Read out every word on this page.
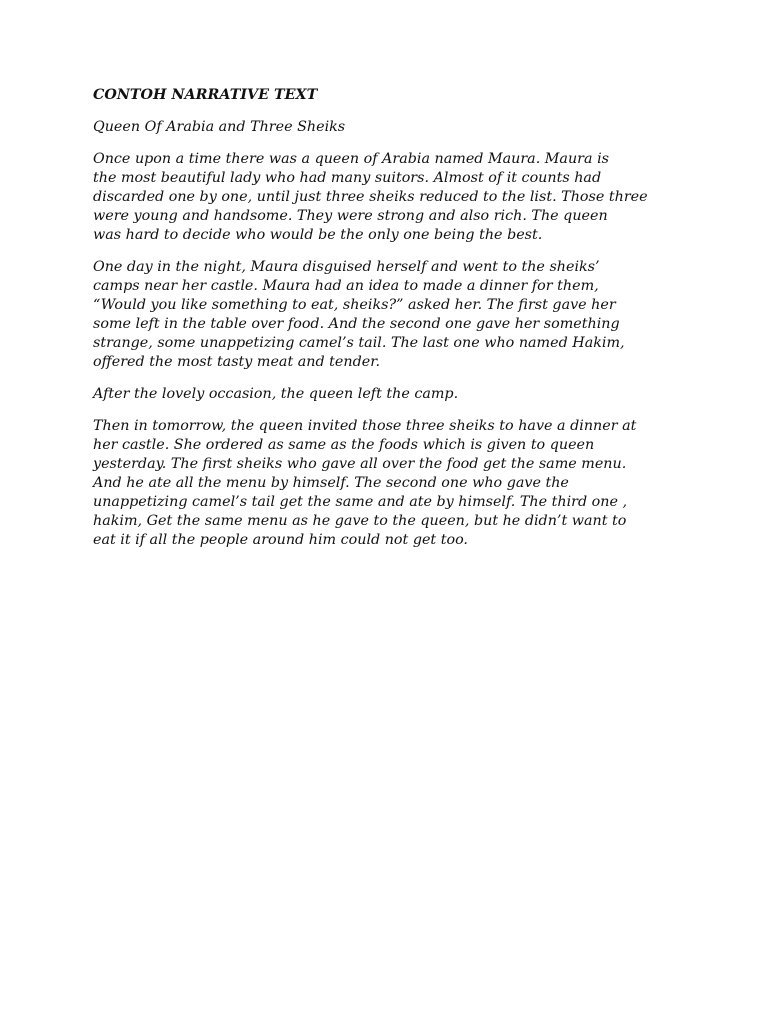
CONTOH NARRATIVE TEXT
Queen Of Arabia and Three Sheiks
Once upon a time there was a queen of Arabia named Maura. Maura is
the most beautiful lady who had many suitors. Almost of it counts had
discarded one by one, until just three sheiks reduced to the list. Those three
were young and handsome. They were strong and also rich. The queen
was hard to decide who would be the only one being the best.
One day in the night, Maura disguised herself and went to the sheiks’
camps near her castle. Maura had an idea to made a dinner for them,
“Would you like something to eat, sheiks?” asked her. The first gave her
some left in the table over food. And the second one gave her something
strange, some unappetizing camel’s tail. The last one who named Hakim,
offered the most tasty meat and tender.
After the lovely occasion, the queen left the camp.
Then in tomorrow, the queen invited those three sheiks to have a dinner at
her castle. She ordered as same as the foods which is given to queen
yesterday. The first sheiks who gave all over the food get the same menu.
And he ate all the menu by himself. The second one who gave the
unappetizing camel’s tail get the same and ate by himself. The third one ,
hakim, Get the same menu as he gave to the queen, but he didn’t want to
eat it if all the people around him could not get too.
